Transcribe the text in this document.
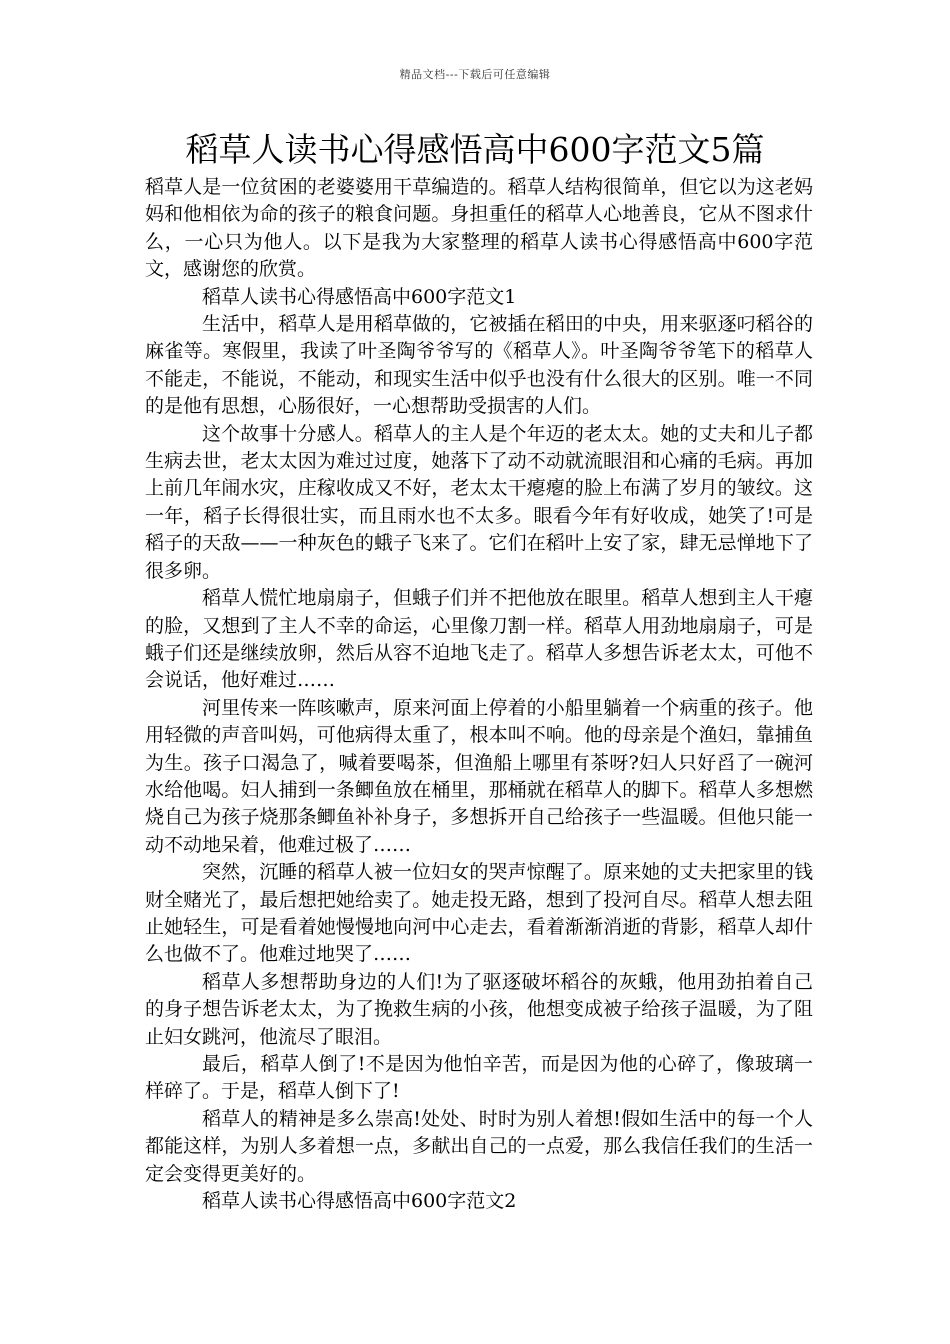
精品文档---下载后可任意编辑
稻草人读书心得感悟高中600字范文5篇

稻草人是一位贫困的老婆婆用干草编造的。稻草人结构很简单，但它以为这老妈妈和他相依为命的孩子的粮食问题。身担重任的稻草人心地善良，它从不图求什么，一心只为他人。以下是我为大家整理的稻草人读书心得感悟高中600字范文，感谢您的欣赏。

稻草人读书心得感悟高中600字范文1

生活中，稻草人是用稻草做的，它被插在稻田的中央，用来驱逐叼稻谷的麻雀等。寒假里，我读了叶圣陶爷爷写的《稻草人》。叶圣陶爷爷笔下的稻草人不能走，不能说，不能动，和现实生活中似乎也没有什么很大的区别。唯一不同的是他有思想，心肠很好，一心想帮助受损害的人们。

这个故事十分感人。稻草人的主人是个年迈的老太太。她的丈夫和儿子都生病去世，老太太因为难过过度，她落下了动不动就流眼泪和心痛的毛病。再加上前几年闹水灾，庄稼收成又不好，老太太干瘪瘪的脸上布满了岁月的皱纹。这一年，稻子长得很壮实，而且雨水也不太多。眼看今年有好收成，她笑了!可是稻子的天敌——一种灰色的蛾子飞来了。它们在稻叶上安了家，肆无忌惮地下了很多卵。

稻草人慌忙地扇扇子，但蛾子们并不把他放在眼里。稻草人想到主人干瘪的脸，又想到了主人不幸的命运，心里像刀割一样。稻草人用劲地扇扇子，可是蛾子们还是继续放卵，然后从容不迫地飞走了。稻草人多想告诉老太太，可他不会说话，他好难过……

河里传来一阵咳嗽声，原来河面上停着的小船里躺着一个病重的孩子。他用轻微的声音叫妈，可他病得太重了，根本叫不响。他的母亲是个渔妇，靠捕鱼为生。孩子口渴急了，喊着要喝茶，但渔船上哪里有茶呀?妇人只好舀了一碗河水给他喝。妇人捕到一条鲫鱼放在桶里，那桶就在稻草人的脚下。稻草人多想燃烧自己为孩子烧那条鲫鱼补补身子，多想拆开自己给孩子一些温暖。但他只能一动不动地呆着，他难过极了……

突然，沉睡的稻草人被一位妇女的哭声惊醒了。原来她的丈夫把家里的钱财全赌光了，最后想把她给卖了。她走投无路，想到了投河自尽。稻草人想去阻止她轻生，可是看着她慢慢地向河中心走去，看着渐渐消逝的背影，稻草人却什么也做不了。他难过地哭了……

稻草人多想帮助身边的人们!为了驱逐破坏稻谷的灰蛾，他用劲拍着自己的身子想告诉老太太，为了挽救生病的小孩，他想变成被子给孩子温暖，为了阻止妇女跳河，他流尽了眼泪。

最后，稻草人倒了!不是因为他怕辛苦，而是因为他的心碎了，像玻璃一样碎了。于是，稻草人倒下了!

稻草人的精神是多么崇高!处处、时时为别人着想!假如生活中的每一个人都能这样，为别人多着想一点，多献出自己的一点爱，那么我信任我们的生活一定会变得更美好的。

稻草人读书心得感悟高中600字范文2
